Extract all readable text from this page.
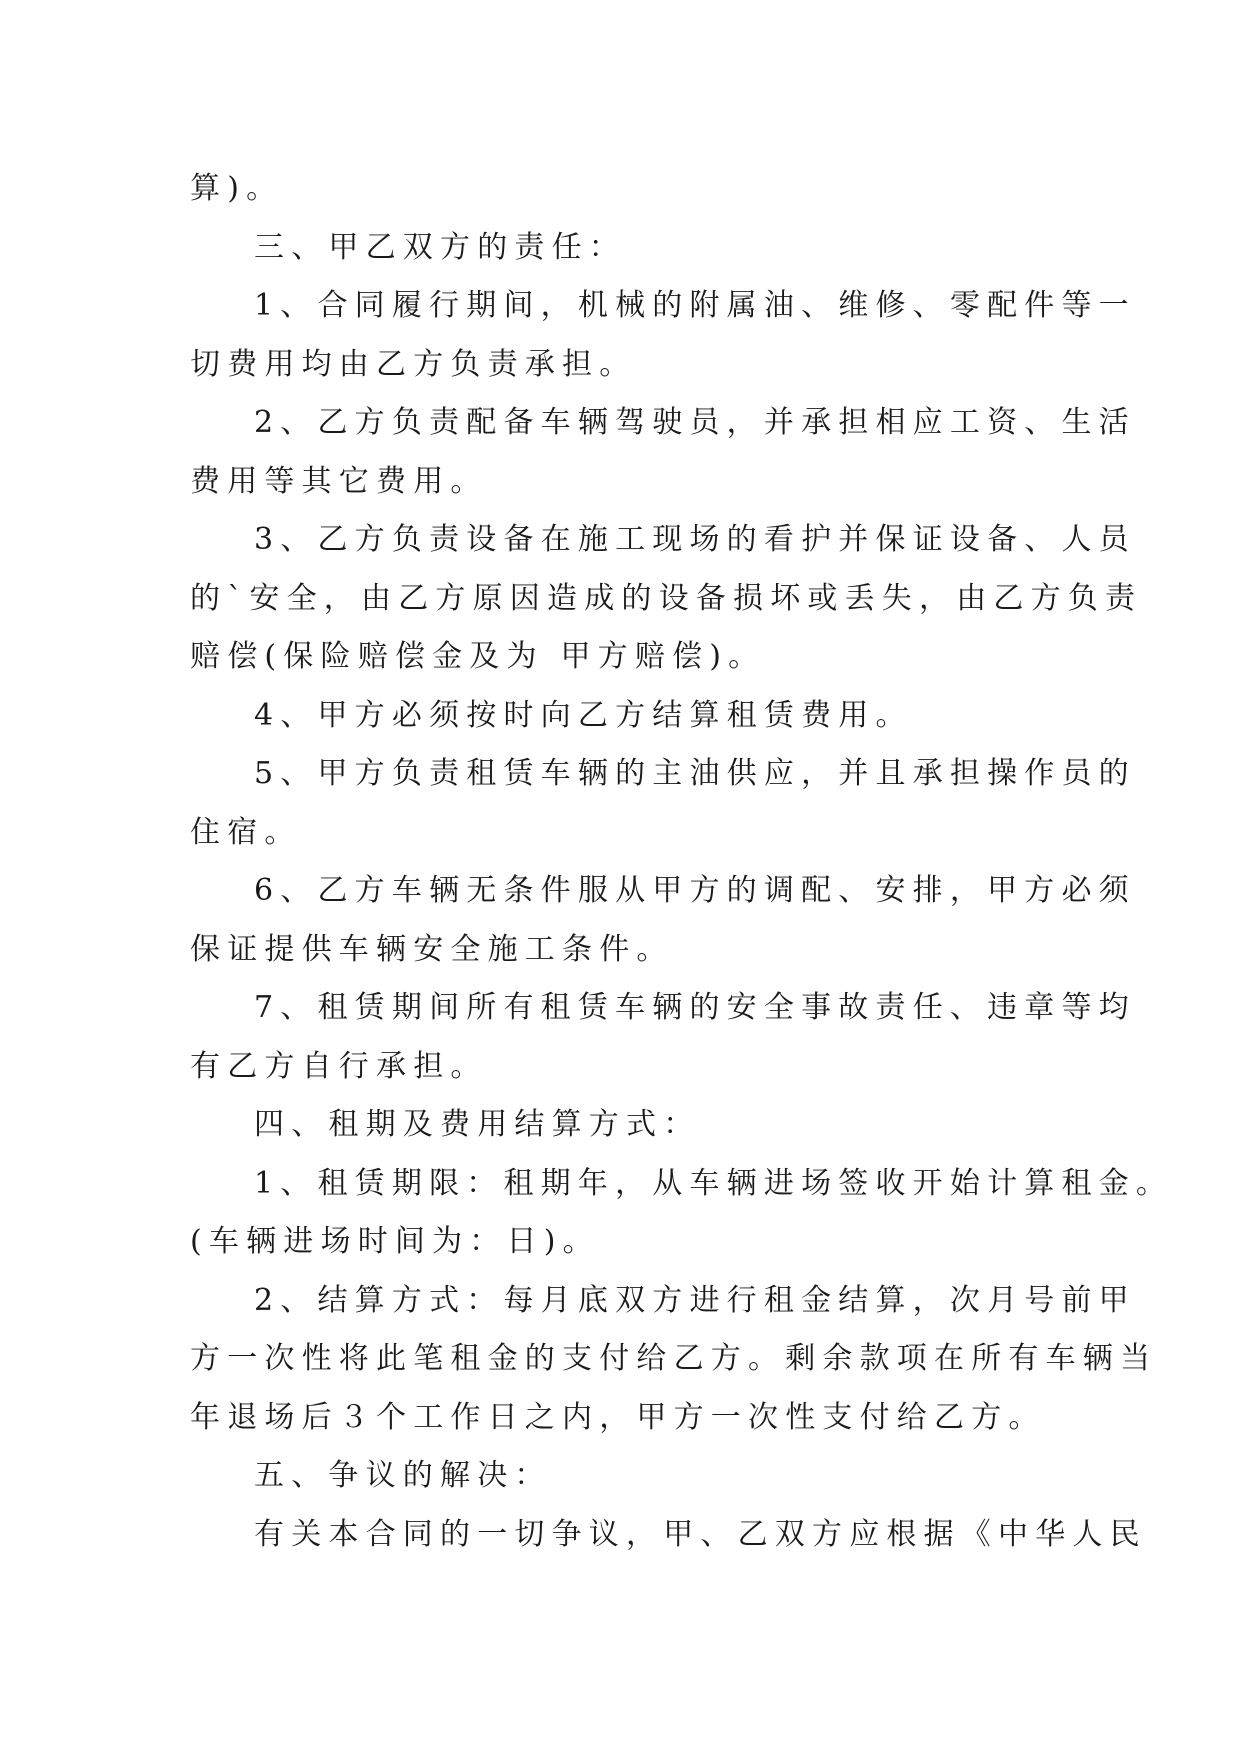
算)。
三、甲乙双方的责任：
1、合同履行期间，机械的附属油、维修、零配件等一
切费用均由乙方负责承担。
2、乙方负责配备车辆驾驶员，并承担相应工资、生活
费用等其它费用。
3、乙方负责设备在施工现场的看护并保证设备、人员
的`安全，由乙方原因造成的设备损坏或丢失，由乙方负责
赔偿(保险赔偿金及为 甲方赔偿)。
4、甲方必须按时向乙方结算租赁费用。
5、甲方负责租赁车辆的主油供应，并且承担操作员的
住宿。
6、乙方车辆无条件服从甲方的调配、安排，甲方必须
保证提供车辆安全施工条件。
7、租赁期间所有租赁车辆的安全事故责任、违章等均
有乙方自行承担。
四、租期及费用结算方式：
1、租赁期限：租期年，从车辆进场签收开始计算租金。
(车辆进场时间为：日)。
2、结算方式：每月底双方进行租金结算，次月号前甲
方一次性将此笔租金的支付给乙方。剩余款项在所有车辆当
年退场后３个工作日之内，甲方一次性支付给乙方。
五、争议的解决：
有关本合同的一切争议，甲、乙双方应根据《中华人民
